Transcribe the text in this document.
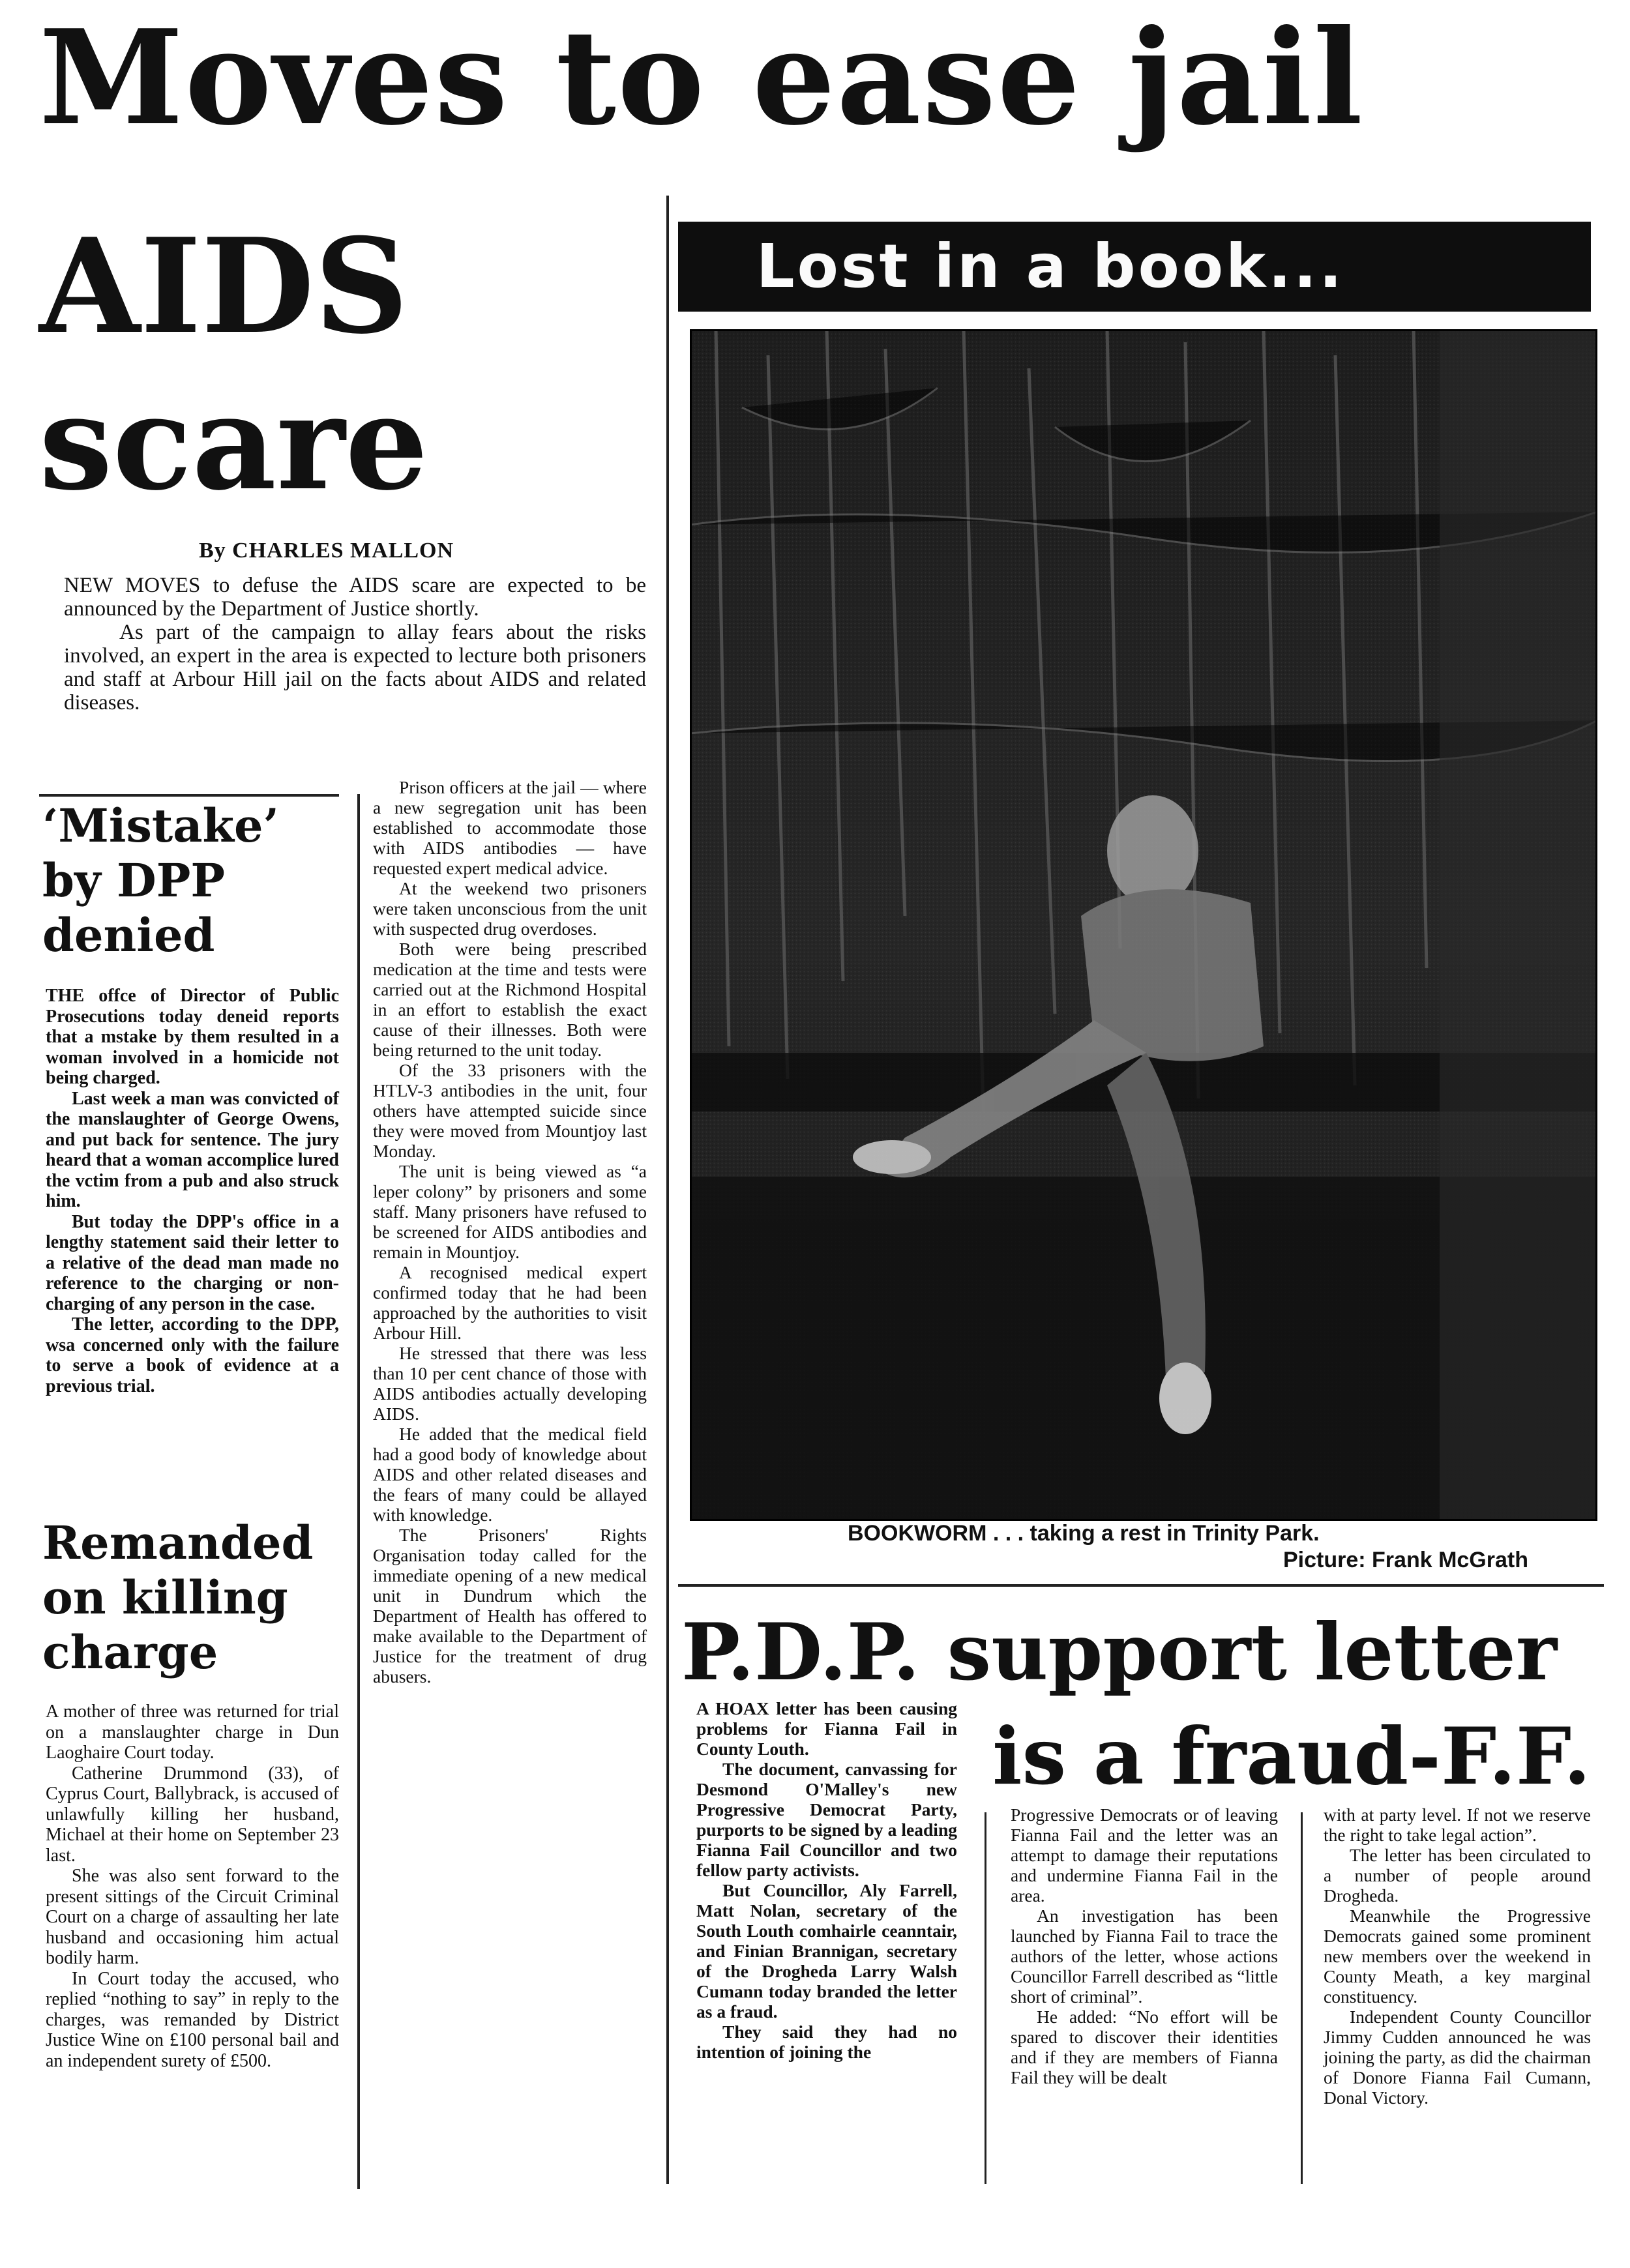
Moves to ease jail
AIDS
scare
By CHARLES MALLON

NEW MOVES to defuse the AIDS scare are expected to be announced by the Department of Justice shortly.

As part of the campaign to allay fears about the risks involved, an expert in the area is expected to lecture both prisoners and staff at Arbour Hill jail on the facts about AIDS and related diseases.

‘Mistake’
by DPP
denied

THE offce of Director of Public Prosecutions today deneid reports that a mstake by them resulted in a woman involved in a homicide not being charged.

Last week a man was convicted of the manslaughter of George Owens, and put back for sentence. The jury heard that a woman accomplice lured the vctim from a pub and also struck him.

But today the DPP's office in a lengthy statement said their letter to a relative of the dead man made no reference to the charging or non-charging of any person in the case.

The letter, according to the DPP, wsa concerned only with the failure to serve a book of evidence at a previous trial.

Remanded
on killing
charge

A mother of three was returned for trial on a manslaughter charge in Dun Laoghaire Court today.

Catherine Drummond (33), of Cyprus Court, Ballybrack, is accused of unlawfully killing her husband, Michael at their home on September 23 last.

She was also sent forward to the present sittings of the Circuit Criminal Court on a charge of assaulting her late husband and occasioning him actual bodily harm.

In Court today the accused, who replied “nothing to say” in reply to the charges, was remanded by District Justice Wine on £100 personal bail and an independent surety of £500.

Prison officers at the jail — where a new segregation unit has been established to accommodate those with AIDS antibodies — have requested expert medical advice.

At the weekend two prisoners were taken unconscious from the unit with suspected drug overdoses.

Both were being prescribed medication at the time and tests were carried out at the Richmond Hospital in an effort to establish the exact cause of their illnesses. Both were being returned to the unit today.

Of the 33 prisoners with the HTLV-3 antibodies in the unit, four others have attempted suicide since they were moved from Mountjoy last Monday.

The unit is being viewed as “a leper colony” by prisoners and some staff. Many prisoners have refused to be screened for AIDS antibodies and remain in Mountjoy.

A recognised medical expert confirmed today that he had been approached by the authorities to visit Arbour Hill.

He stressed that there was less than 10 per cent chance of those with AIDS antibodies actually developing AIDS.

He added that the medical field had a good body of knowledge about AIDS and other related diseases and the fears of many could be allayed with knowledge.

The Prisoners' Rights Organisation today called for the immediate opening of a new medical unit in Dundrum which the Department of Health has offered to make available to the Department of Justice for the treatment of drug abusers.

Lost in a book...
BOOKWORM . . . taking a rest in Trinity Park.
Picture: Frank McGrath
P.D.P. support letter
is a fraud-F.F.

A HOAX letter has been causing problems for Fianna Fail in County Louth.

The document, canvassing for Desmond O'Malley's new Progressive Democrat Party, purports to be signed by a leading Fianna Fail Councillor and two fellow party activists.

But Councillor, Aly Farrell, Matt Nolan, secretary of the South Louth comhairle ceanntair, and Finian Brannigan, secretary of the Drogheda Larry Walsh Cumann today branded the letter as a fraud.

They said they had no intention of joining the

Progressive Democrats or of leaving Fianna Fail and the letter was an attempt to damage their reputations and undermine Fianna Fail in the area.

An investigation has been launched by Fianna Fail to trace the authors of the letter, whose actions Councillor Farrell described as “little short of criminal”.

He added: “No effort will be spared to discover their identities and if they are members of Fianna Fail they will be dealt

with at party level. If not we reserve the right to take legal action”.

The letter has been circulated to a number of people around Drogheda.

Meanwhile the Progressive Democrats gained some prominent new members over the weekend in County Meath, a key marginal constituency.

Independent County Councillor Jimmy Cudden announced he was joining the party, as did the chairman of Donore Fianna Fail Cumann, Donal Victory.
